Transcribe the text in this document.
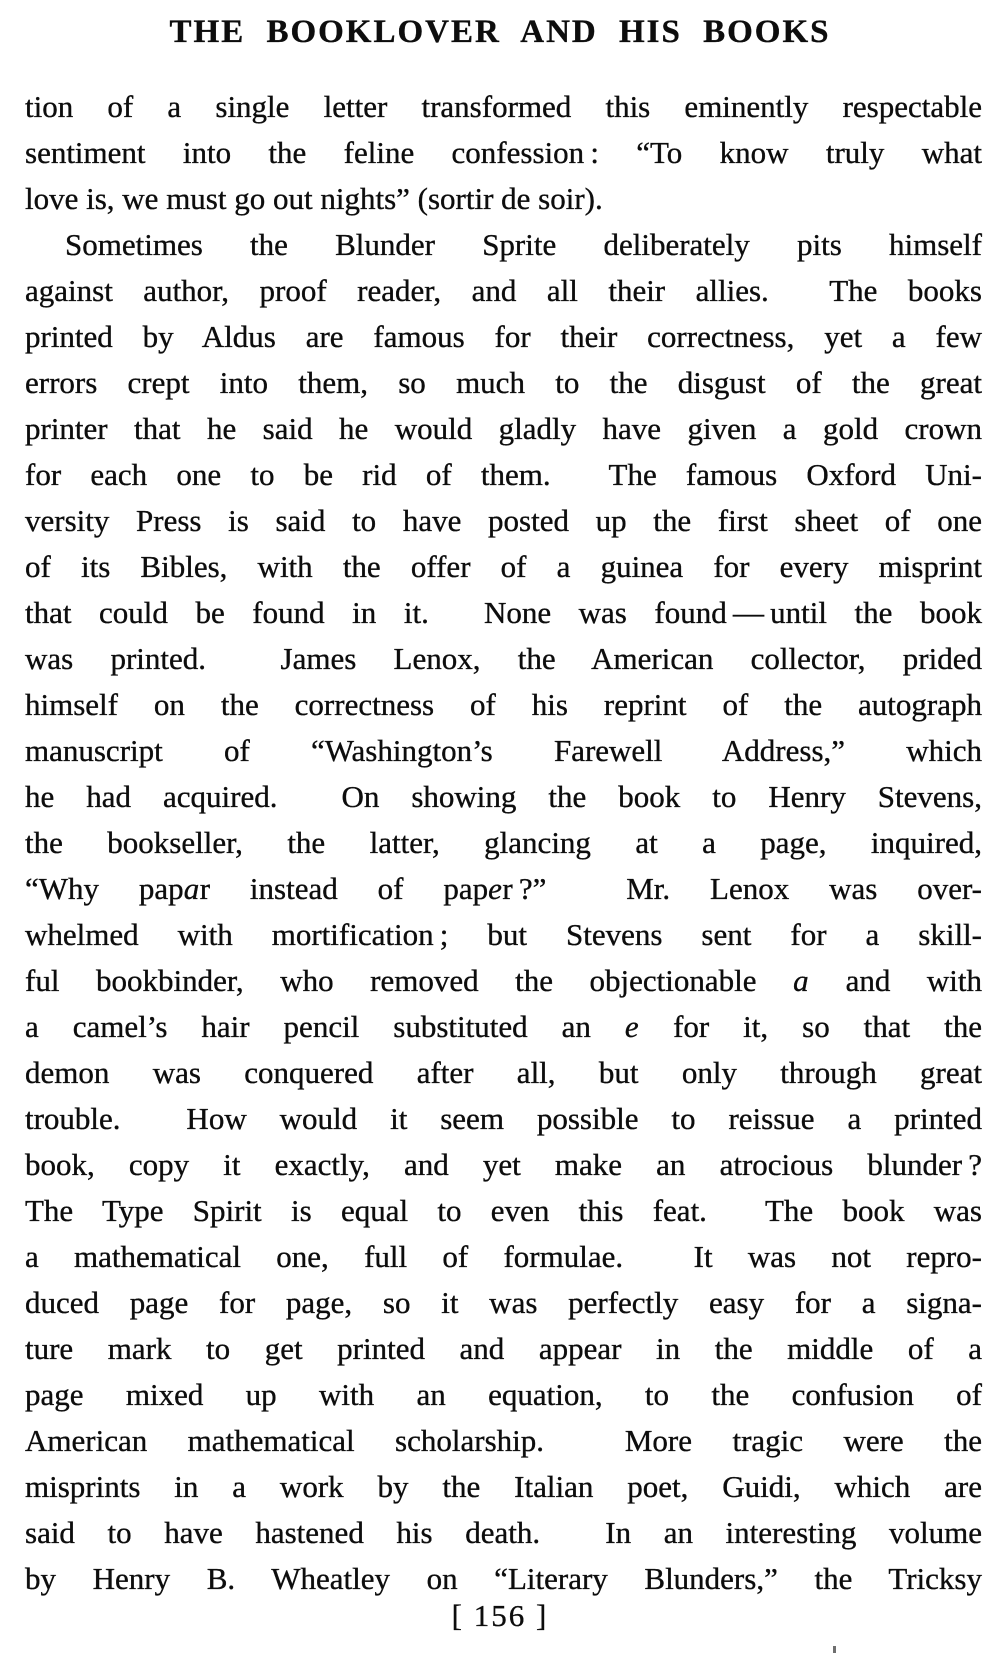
THE BOOKLOVER AND HIS BOOKS
tion of a single letter transformed this eminently respectable
sentiment into the feline confession : “To know truly what
love is, we must go out nights” (sortir de soir).
Sometimes the Blunder Sprite deliberately pits himself
against author, proof reader, and all their allies.  The books
printed by Aldus are famous for their correctness, yet a few
errors crept into them, so much to the disgust of the great
printer that he said he would gladly have given a gold crown
for each one to be rid of them.  The famous Oxford Uni-
versity Press is said to have posted up the first sheet of one
of its Bibles, with the offer of a guinea for every misprint
that could be found in it.  None was found — until the book
was printed.  James Lenox, the American collector, prided
himself on the correctness of his reprint of the autograph
manuscript of “Washington’s Farewell Address,” which
he had acquired.  On showing the book to Henry Stevens,
the bookseller, the latter, glancing at a page, inquired,
“Why papar instead of paper ?”  Mr. Lenox was over-
whelmed with mortification ; but Stevens sent for a skill-
ful bookbinder, who removed the objectionable a and with
a camel’s hair pencil substituted an e for it, so that the
demon was conquered after all, but only through great
trouble.  How would it seem possible to reissue a printed
book, copy it exactly, and yet make an atrocious blunder ?
The Type Spirit is equal to even this feat.  The book was
a mathematical one, full of formulae.  It was not repro-
duced page for page, so it was perfectly easy for a signa-
ture mark to get printed and appear in the middle of a
page mixed up with an equation, to the confusion of
American mathematical scholarship.  More tragic were the
misprints in a work by the Italian poet, Guidi, which are
said to have hastened his death.  In an interesting volume
by Henry B. Wheatley on “Literary Blunders,” the Tricksy
[ 156 ]
